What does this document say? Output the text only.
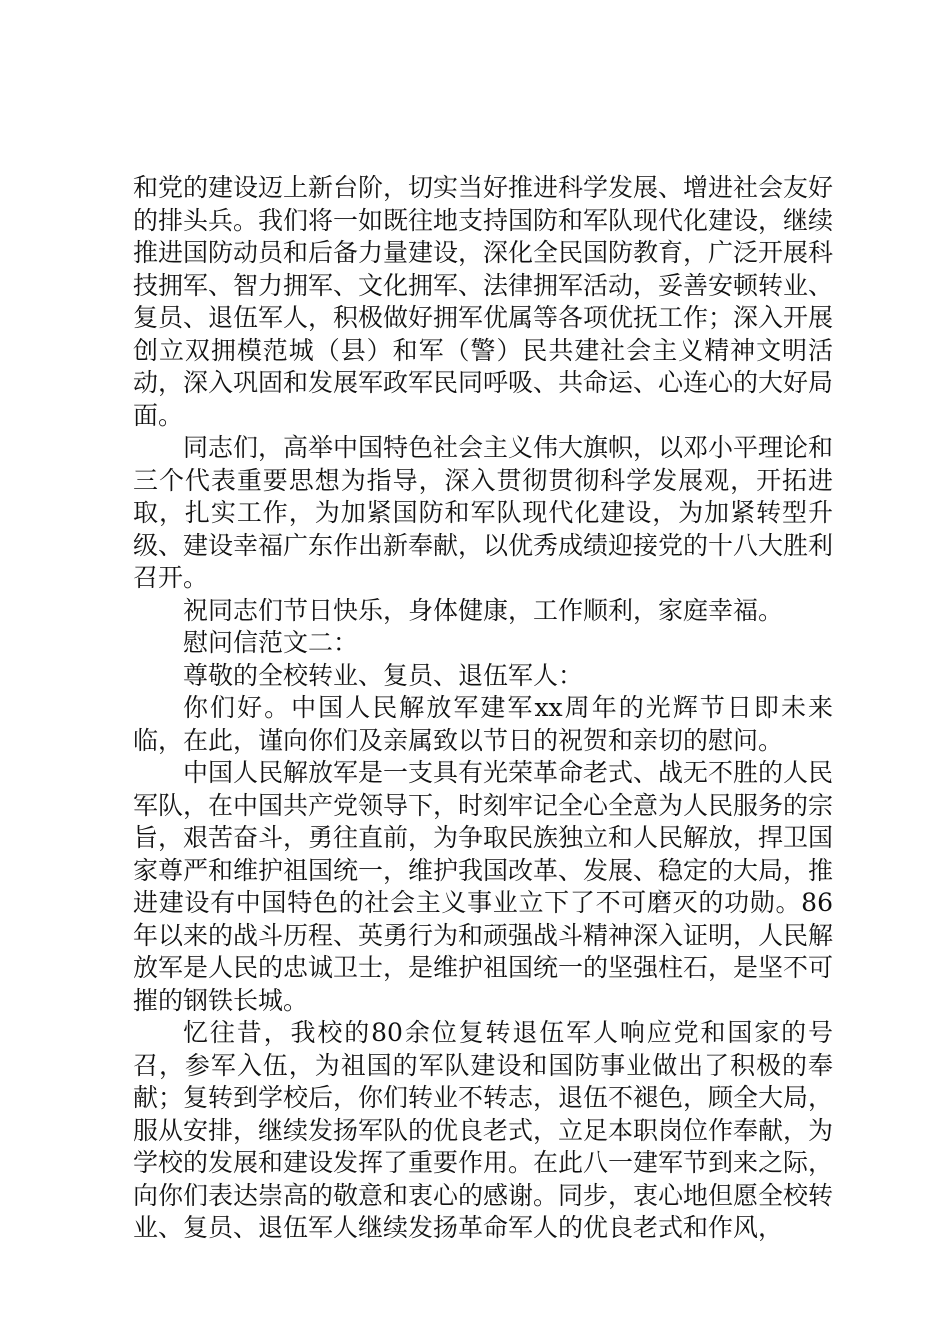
和党的建设迈上新台阶，切实当好推进科学发展、增进社会友好的排头兵。我们将一如既往地支持国防和军队现代化建设，继续推进国防动员和后备力量建设，深化全民国防教育，广泛开展科技拥军、智力拥军、文化拥军、法律拥军活动，妥善安顿转业、复员、退伍军人，积极做好拥军优属等各项优抚工作；深入开展创立双拥模范城（县）和军（警）民共建社会主义精神文明活动，深入巩固和发展军政军民同呼吸、共命运、心连心的大好局面。

同志们，高举中国特色社会主义伟大旗帜，以邓小平理论和三个代表重要思想为指导，深入贯彻贯彻科学发展观，开拓进取，扎实工作，为加紧国防和军队现代化建设，为加紧转型升级、建设幸福广东作出新奉献，以优秀成绩迎接党的十八大胜利召开。

祝同志们节日快乐，身体健康，工作顺利，家庭幸福。

慰问信范文二：

尊敬的全校转业、复员、退伍军人：

你们好。中国人民解放军建军xx周年的光辉节日即未来临，在此，谨向你们及亲属致以节日的祝贺和亲切的慰问。

中国人民解放军是一支具有光荣革命老式、战无不胜的人民军队，在中国共产党领导下，时刻牢记全心全意为人民服务的宗旨，艰苦奋斗，勇往直前，为争取民族独立和人民解放，捍卫国家尊严和维护祖国统一，维护我国改革、发展、稳定的大局，推进建设有中国特色的社会主义事业立下了不可磨灭的功勋。86年以来的战斗历程、英勇行为和顽强战斗精神深入证明，人民解放军是人民的忠诚卫士，是维护祖国统一的坚强柱石，是坚不可摧的钢铁长城。

忆往昔，我校的80余位复转退伍军人响应党和国家的号召，参军入伍，为祖国的军队建设和国防事业做出了积极的奉献；复转到学校后，你们转业不转志，退伍不褪色，顾全大局，服从安排，继续发扬军队的优良老式，立足本职岗位作奉献，为学校的发展和建设发挥了重要作用。在此八一建军节到来之际，向你们表达崇高的敬意和衷心的感谢。同步，衷心地但愿全校转业、复员、退伍军人继续发扬革命军人的优良老式和作风，
